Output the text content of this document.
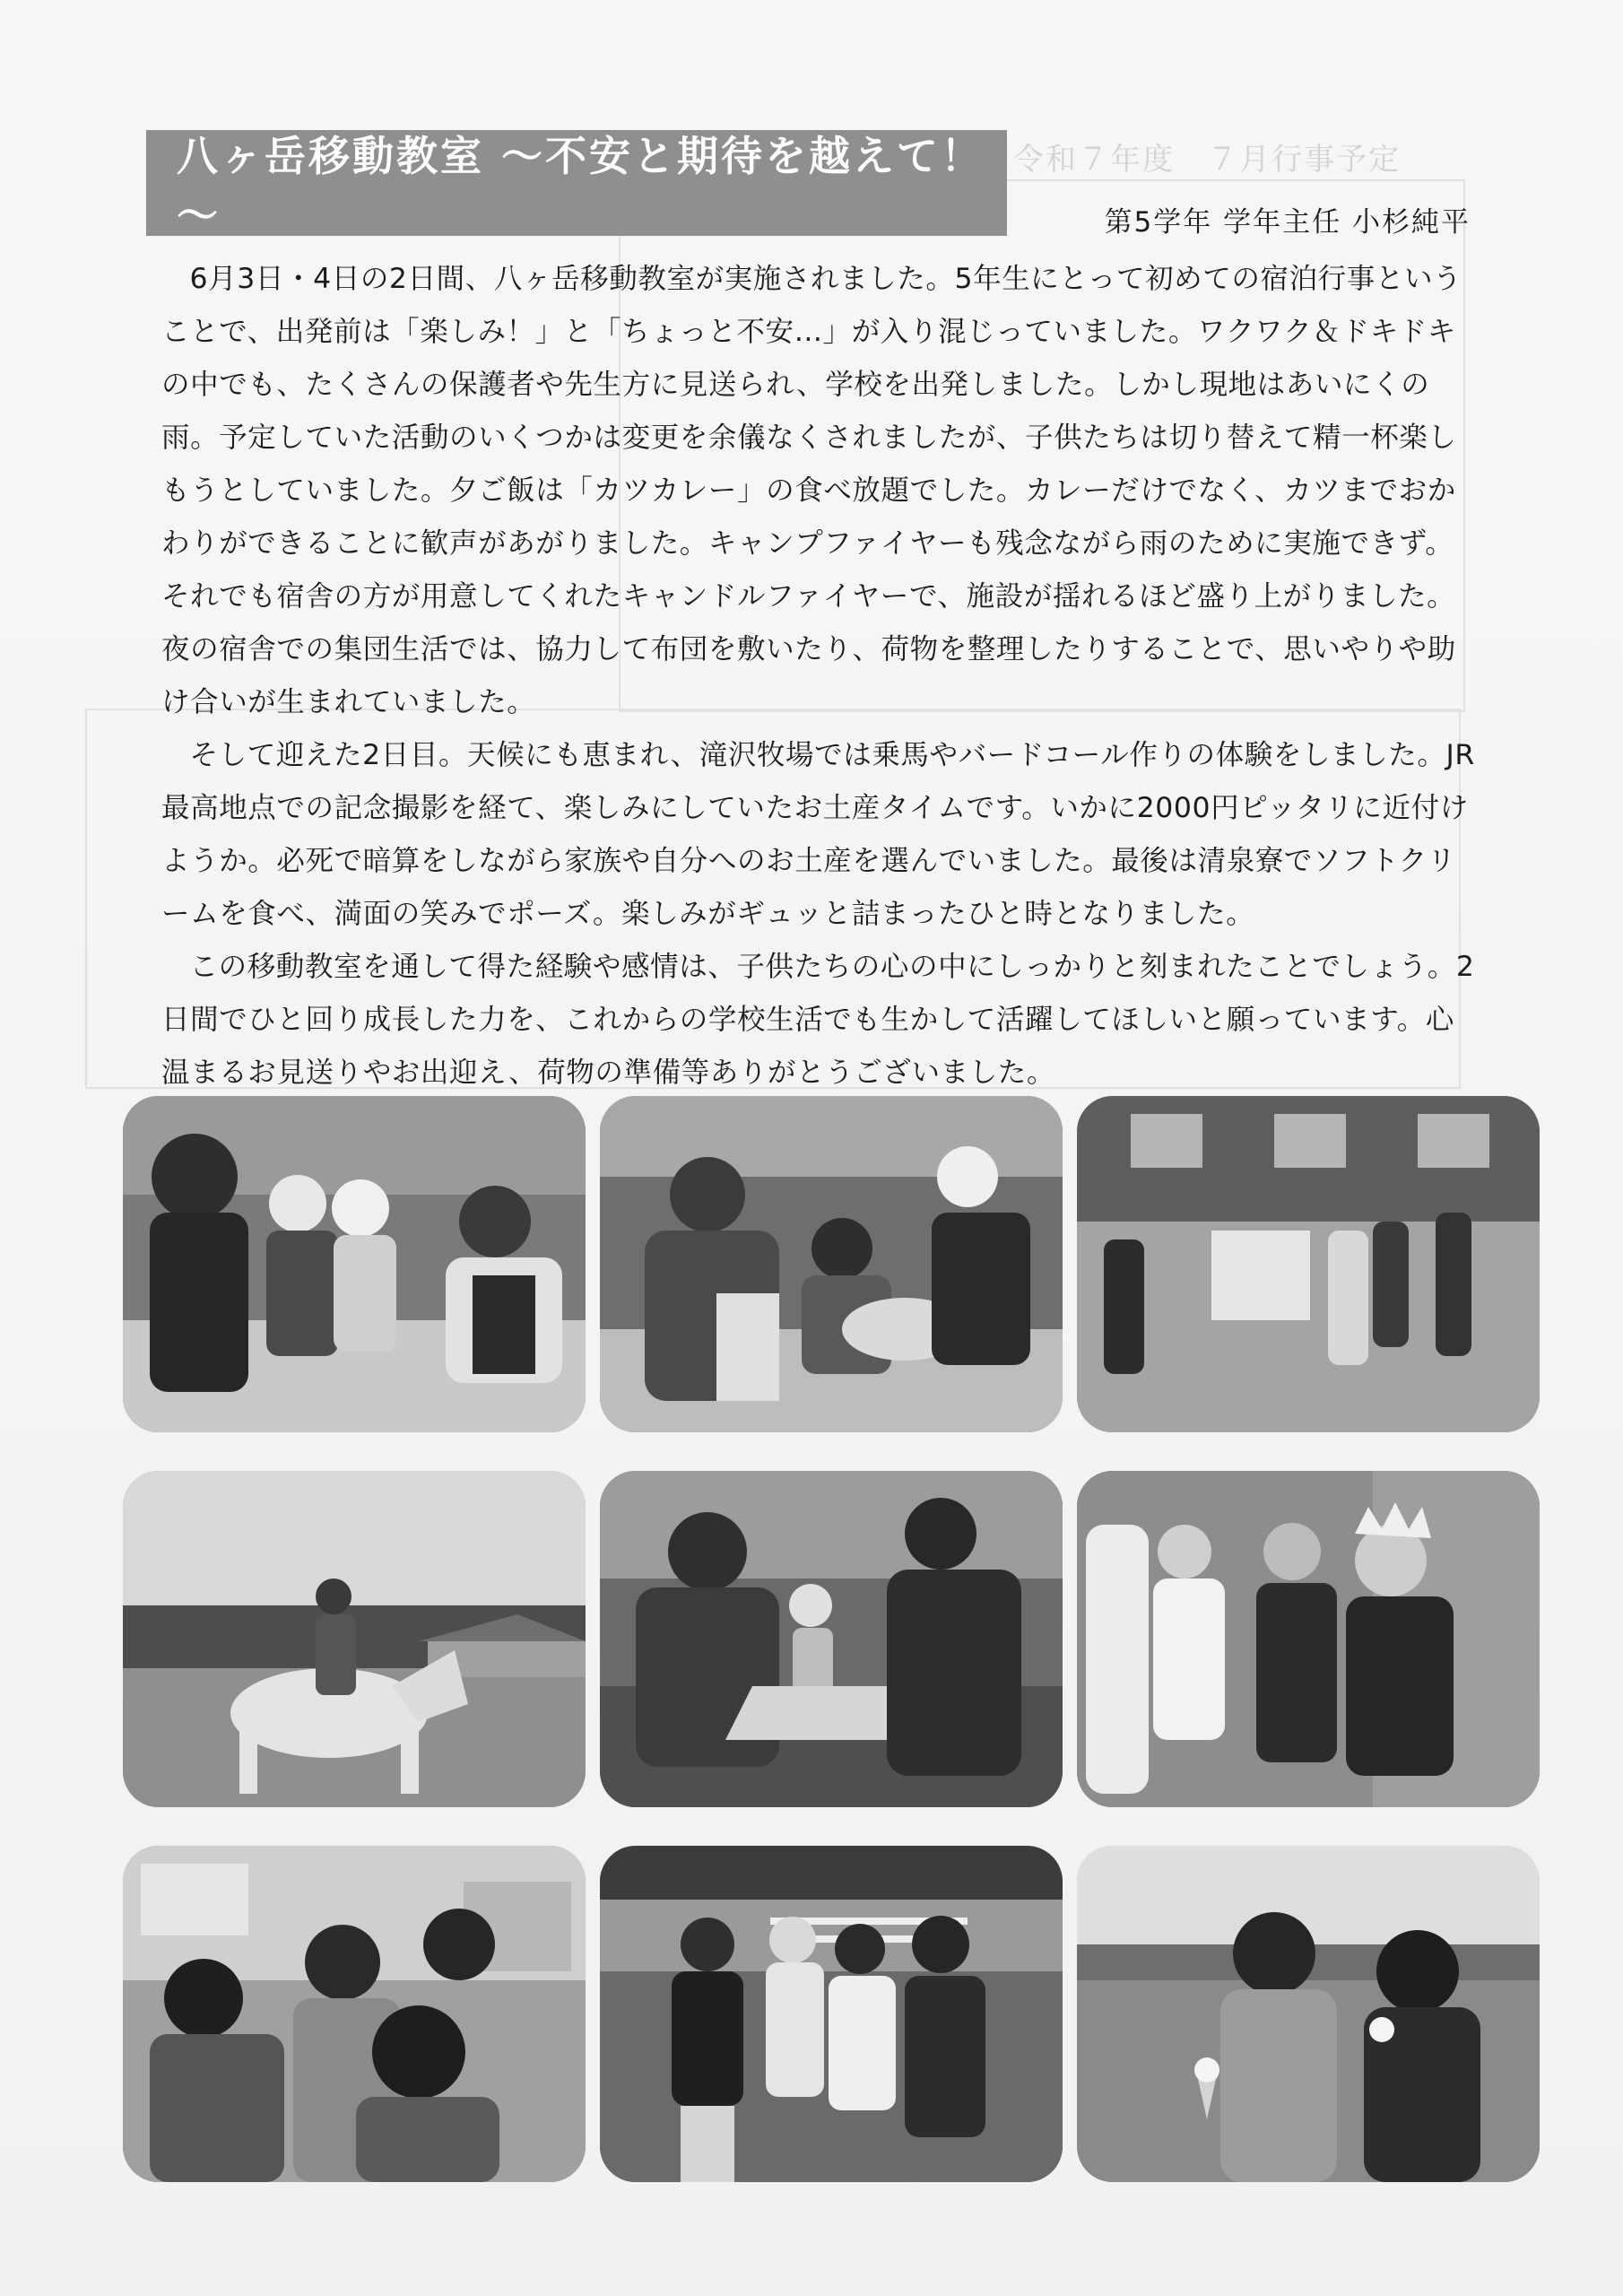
令和７年度　７月行事予定
八ヶ岳移動教室 ～不安と期待を越えて！～	第5学年 学年主任 小杉純平

6月3日・4日の2日間、八ヶ岳移動教室が実施されました。5年生にとって初めての宿泊行事ということで、出発前は「楽しみ！」と「ちょっと不安…」が入り混じっていました。ワクワク＆ドキドキの中でも、たくさんの保護者や先生方に見送られ、学校を出発しました。しかし現地はあいにくの雨。予定していた活動のいくつかは変更を余儀なくされましたが、子供たちは切り替えて精一杯楽しもうとしていました。夕ご飯は「カツカレー」の食べ放題でした。カレーだけでなく、カツまでおかわりができることに歓声があがりました。キャンプファイヤーも残念ながら雨のために実施できず。それでも宿舎の方が用意してくれたキャンドルファイヤーで、施設が揺れるほど盛り上がりました。夜の宿舎での集団生活では、協力して布団を敷いたり、荷物を整理したりすることで、思いやりや助け合いが生まれていました。

そして迎えた2日目。天候にも恵まれ、滝沢牧場では乗馬やバードコール作りの体験をしました。JR最高地点での記念撮影を経て、楽しみにしていたお土産タイムです。いかに2000円ピッタリに近付けようか。必死で暗算をしながら家族や自分へのお土産を選んでいました。最後は清泉寮でソフトクリームを食べ、満面の笑みでポーズ。楽しみがギュッと詰まったひと時となりました。

この移動教室を通して得た経験や感情は、子供たちの心の中にしっかりと刻まれたことでしょう。2日間でひと回り成長した力を、これからの学校生活でも生かして活躍してほしいと願っています。心温まるお見送りやお出迎え、荷物の準備等ありがとうございました。
